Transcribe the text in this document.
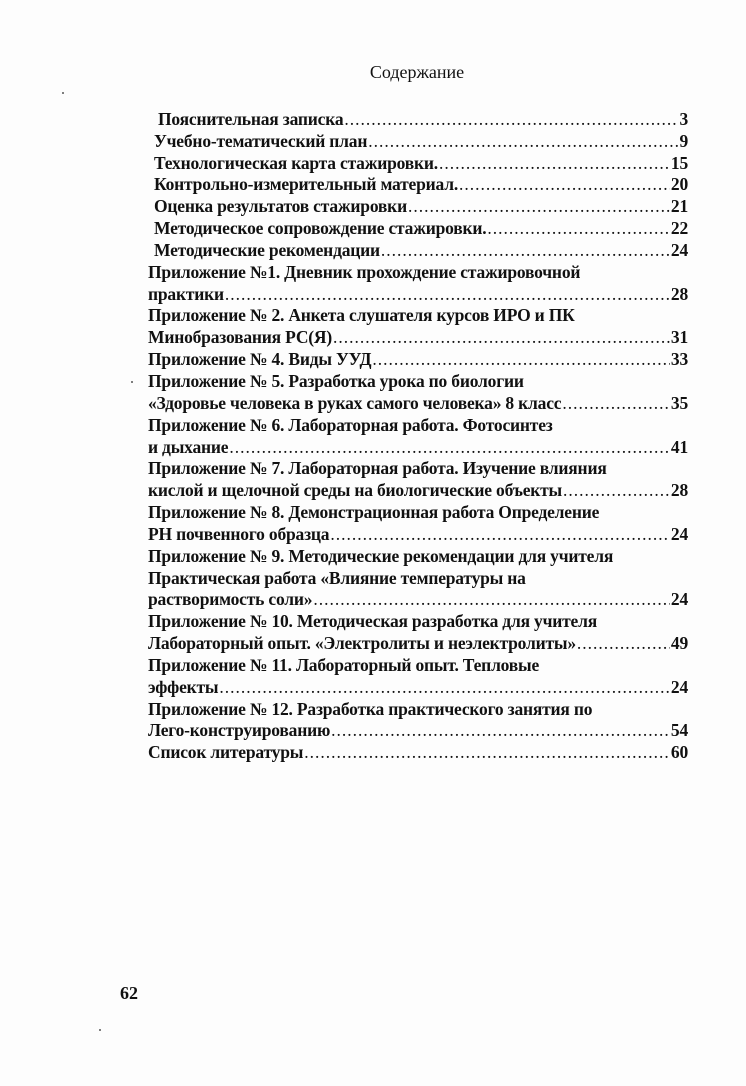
Содержание
Пояснительная записка .....	3
Учебно-тематический план .....	9
Технологическая карта стажировки. .....	15
Контрольно-измерительный материал. .....	20
Оценка результатов стажировки .....	21
Методическое сопровождение стажировки. .....	22
Методические рекомендации .....	24
Приложение №1. Дневник прохождение стажировочной
практики .....	28
Приложение № 2. Анкета слушателя курсов ИРО и ПК
Минобразования РС(Я) .....	31
Приложение № 4. Виды УУД .....	33
Приложение № 5. Разработка урока по биологии
«Здоровье человека в руках самого человека» 8 класс .....	35
Приложение № 6. Лабораторная работа. Фотосинтез
и дыхание .....	41
Приложение № 7. Лабораторная работа. Изучение влияния
кислой и щелочной среды на биологические объекты .....	28
Приложение № 8. Демонстрационная работа Определение
РН почвенного образца .....	24
Приложение № 9. Методические рекомендации для учителя
Практическая работа «Влияние температуры на
растворимость соли» .....	24
Приложение № 10. Методическая разработка для учителя
Лабораторный опыт. «Электролиты и неэлектролиты» .....	49
Приложение № 11. Лабораторный опыт. Тепловые
эффекты .....	24
Приложение № 12. Разработка практического занятия по
Лего-конструированию .....	54
Список литературы .....	60

62
